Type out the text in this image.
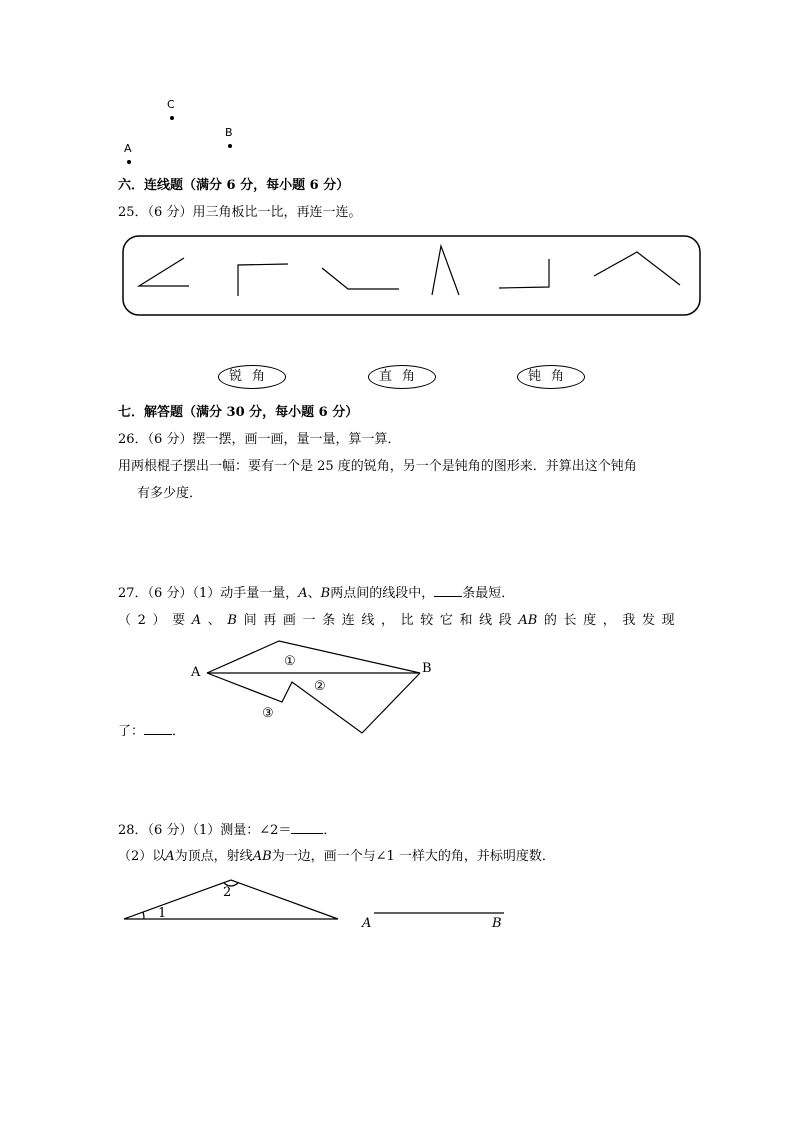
C
B
A
六．连线题（满分 6 分，每小题 6 分）
25．（6 分）用三角板比一比，再连一连。
锐角	直角	钝角
七．解答题（满分 30 分，每小题 6 分）
26．（6 分）摆一摆，画一画，量一量，算一算．
用两根棍子摆出一幅：要有一个是 25 度的锐角，另一个是钝角的图形来．并算出这个钝角
有多少度．
27．（6 分）（1）动手量一量，A、B两点间的线段中， 条最短．
（ 2 ） 要 A 、 B 间 再 画 一 条 连 线 ， 比 较 它 和 线 段 AB 的 长 度 ， 我 发 现
A	B
①
②
③
了： ．
28．（6 分）（1）测量：∠2＝ ．
（2）以A为顶点，射线AB为一边，画一个与∠1 一样大的角，并标明度数．
1
2
A	B
